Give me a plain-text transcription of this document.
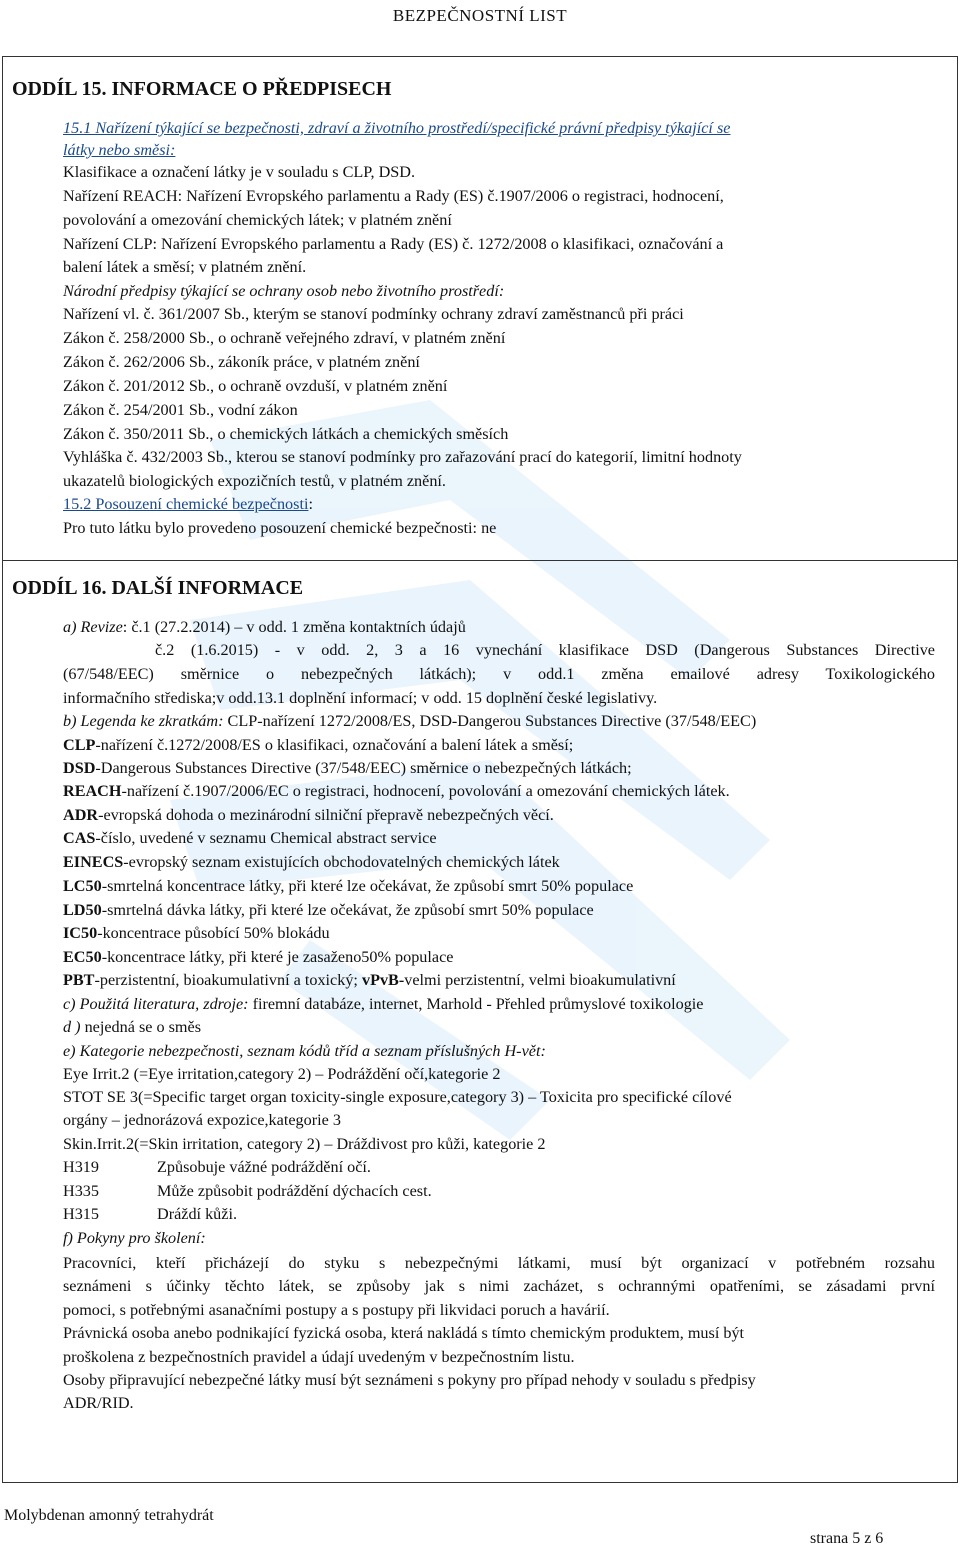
BEZPEČNOSTNÍ LIST
ODDÍL 15. INFORMACE O PŘEDPISECH
15.1 Nařízení týkající se bezpečnosti, zdraví a životního prostředí/specifické právní předpisy týkající se
látky nebo směsi:
Klasifikace a označení látky je v souladu s CLP, DSD.
Nařízení REACH: Nařízení Evropského parlamentu a Rady (ES) č.1907/2006 o registraci, hodnocení,
povolování a omezování chemických látek; v platném znění
Nařízení CLP: Nařízení Evropského parlamentu a Rady (ES) č. 1272/2008 o klasifikaci, označování a
balení látek a směsí; v platném znění.
Národní předpisy týkající se ochrany osob nebo životního prostředí:
Nařízení vl. č. 361/2007 Sb., kterým se stanoví podmínky ochrany zdraví zaměstnanců při práci
Zákon č. 258/2000 Sb., o ochraně veřejného zdraví, v platném znění
Zákon č. 262/2006 Sb., zákoník práce, v platném znění
Zákon č. 201/2012 Sb., o ochraně ovzduší, v platném znění
Zákon č. 254/2001 Sb., vodní zákon
Zákon č. 350/2011 Sb., o chemických látkách a chemických směsích
Vyhláška č. 432/2003 Sb., kterou se stanoví podmínky pro zařazování prací do kategorií, limitní hodnoty
ukazatelů biologických expozičních testů, v platném znění.
15.2 Posouzení chemické bezpečnosti:
Pro tuto látku bylo provedeno posouzení chemické bezpečnosti: ne
ODDÍL 16. DALŠÍ INFORMACE
a) Revize: č.1 (27.2.2014) – v odd. 1 změna kontaktních údajů
č.2 (1.6.2015) - v odd. 2, 3 a 16 vynechání klasifikace DSD (Dangerous Substances Directive
(67/548/EEC) směrnice o nebezpečných látkách); v odd.1 změna emailové adresy Toxikologického
informačního střediska;v odd.13.1 doplnění informací; v odd. 15 doplnění české legislativy.
b) Legenda ke zkratkám: CLP-nařízení 1272/2008/ES, DSD-Dangerou Substances Directive (37/548/EEC)
CLP-nařízení č.1272/2008/ES o klasifikaci, označování a balení látek a směsí;
DSD-Dangerous Substances Directive (37/548/EEC) směrnice o nebezpečných látkách;
REACH-nařízení č.1907/2006/EC o registraci, hodnocení, povolování a omezování chemických látek.
ADR-evropská dohoda o mezinárodní silniční přepravě nebezpečných věcí.
CAS-číslo, uvedené v seznamu Chemical abstract service
EINECS-evropský seznam existujících obchodovatelných chemických látek
LC50-smrtelná koncentrace látky, při které lze očekávat, že způsobí smrt 50% populace
LD50-smrtelná dávka látky, při které lze očekávat, že způsobí smrt 50% populace
IC50-koncentrace působící 50% blokádu
EC50-koncentrace látky, při které je zasaženo50% populace
PBT-perzistentní, bioakumulativní a toxický; vPvB-velmi perzistentní, velmi bioakumulativní
c) Použitá literatura, zdroje: firemní databáze, internet, Marhold - Přehled průmyslové toxikologie
d ) nejedná se o směs
e) Kategorie nebezpečnosti, seznam kódů tříd a seznam příslušných H-vět:
Eye Irrit.2 (=Eye irritation,category 2) – Podráždění očí,kategorie 2
STOT SE 3(=Specific target organ toxicity-single exposure,category 3) – Toxicita pro specifické cílové
orgány – jednorázová expozice,kategorie 3
Skin.Irrit.2(=Skin irritation, category 2) – Dráždivost pro kůži, kategorie 2
H319	Způsobuje vážné podráždění očí.
H335	Může způsobit podráždění dýchacích cest.
H315	Dráždí kůži.
f) Pokyny pro školení:
Pracovníci, kteří přicházejí do styku s nebezpečnými látkami, musí být organizací v potřebném rozsahu
seznámeni s účinky těchto látek, se způsoby jak s nimi zacházet, s ochrannými opatřeními, se zásadami první
pomoci, s potřebnými asanačními postupy a s postupy při likvidaci poruch a havárií.
Právnická osoba anebo podnikající fyzická osoba, která nakládá s tímto chemickým produktem, musí být
proškolena z bezpečnostních pravidel a údají uvedeným v bezpečnostním listu.
Osoby připravující nebezpečné látky musí být seznámeni s pokyny pro případ nehody v souladu s předpisy
ADR/RID.
Molybdenan amonný tetrahydrát
strana 5 z 6
